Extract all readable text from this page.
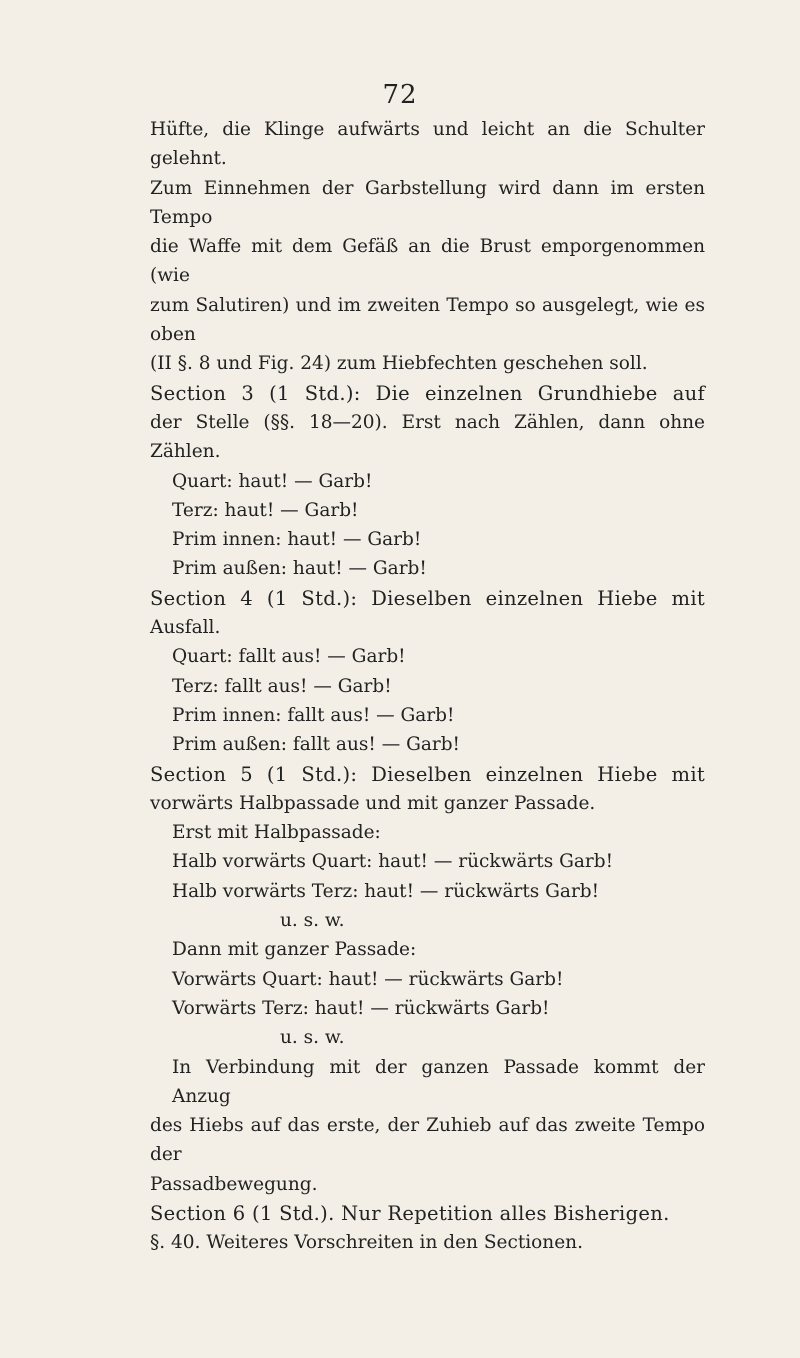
72
Hüfte, die Klinge aufwärts und leicht an die Schulter gelehnt.
Zum Einnehmen der Garbstellung wird dann im ersten Tempo
die Waffe mit dem Gefäß an die Brust emporgenommen (wie
zum Salutiren) und im zweiten Tempo so ausgelegt, wie es oben
(II §. 8 und Fig. 24) zum Hiebfechten geschehen soll.
Section 3 (1 Std.): Die einzelnen Grundhiebe auf
der Stelle (§§. 18—20). Erst nach Zählen, dann ohne
Zählen.
Quart: haut! — Garb!
Terz: haut! — Garb!
Prim innen: haut! — Garb!
Prim außen: haut! — Garb!
Section 4 (1 Std.): Dieselben einzelnen Hiebe mit
Ausfall.
Quart: fallt aus! — Garb!
Terz: fallt aus! — Garb!
Prim innen: fallt aus! — Garb!
Prim außen: fallt aus! — Garb!
Section 5 (1 Std.): Dieselben einzelnen Hiebe mit
vorwärts Halbpassade und mit ganzer Passade.
Erst mit Halbpassade:
Halb vorwärts Quart: haut! — rückwärts Garb!
Halb vorwärts Terz: haut! — rückwärts Garb!
u. s. w.
Dann mit ganzer Passade:
Vorwärts Quart: haut! — rückwärts Garb!
Vorwärts Terz: haut! — rückwärts Garb!
u. s. w.
In Verbindung mit der ganzen Passade kommt der Anzug
des Hiebs auf das erste, der Zuhieb auf das zweite Tempo der
Passadbewegung.
Section 6 (1 Std.). Nur Repetition alles Bisherigen.
§. 40. Weiteres Vorschreiten in den Sectionen.
